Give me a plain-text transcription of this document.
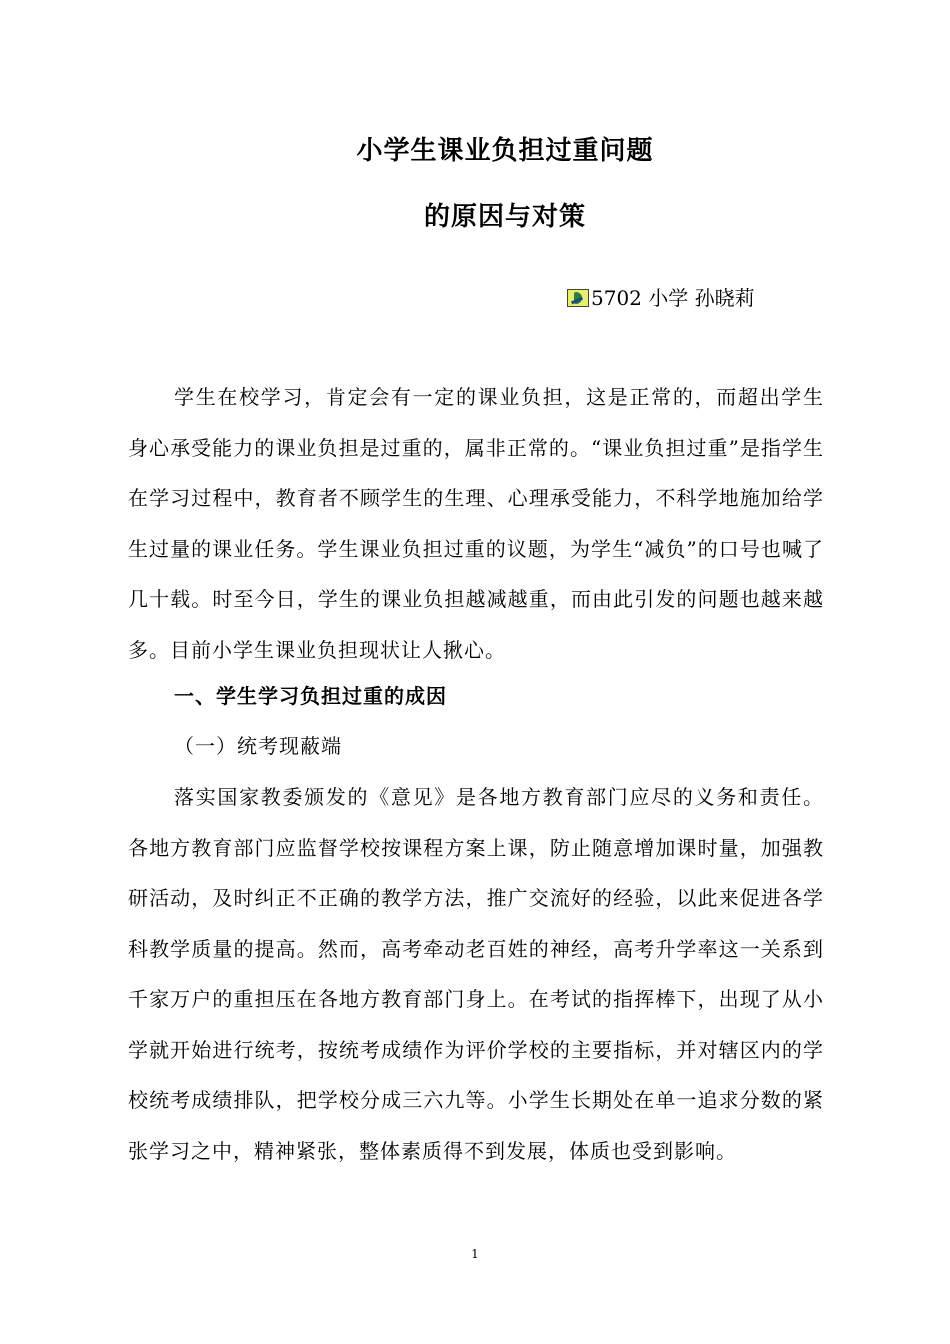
小学生课业负担过重问题
的原因与对策
5702 小学 孙晓莉
学生在校学习，肯定会有一定的课业负担，这是正常的，而超出学生身心承受能力的课业负担是过重的，属非正常的。“课业负担过重”是指学生在学习过程中，教育者不顾学生的生理、心理承受能力，不科学地施加给学生过量的课业任务。学生课业负担过重的议题，为学生“减负”的口号也喊了几十载。时至今日，学生的课业负担越减越重，而由此引发的问题也越来越多。目前小学生课业负担现状让人揪心。
一、学生学习负担过重的成因
（一）统考现蔽端
落实国家教委颁发的《意见》是各地方教育部门应尽的义务和责任。各地方教育部门应监督学校按课程方案上课，防止随意增加课时量，加强教研活动，及时纠正不正确的教学方法，推广交流好的经验，以此来促进各学科教学质量的提高。然而，高考牵动老百姓的神经，高考升学率这一关系到千家万户的重担压在各地方教育部门身上。在考试的指挥棒下，出现了从小学就开始进行统考，按统考成绩作为评价学校的主要指标，并对辖区内的学校统考成绩排队，把学校分成三六九等。小学生长期处在单一追求分数的紧张学习之中，精神紧张，整体素质得不到发展，体质也受到影响。
1
